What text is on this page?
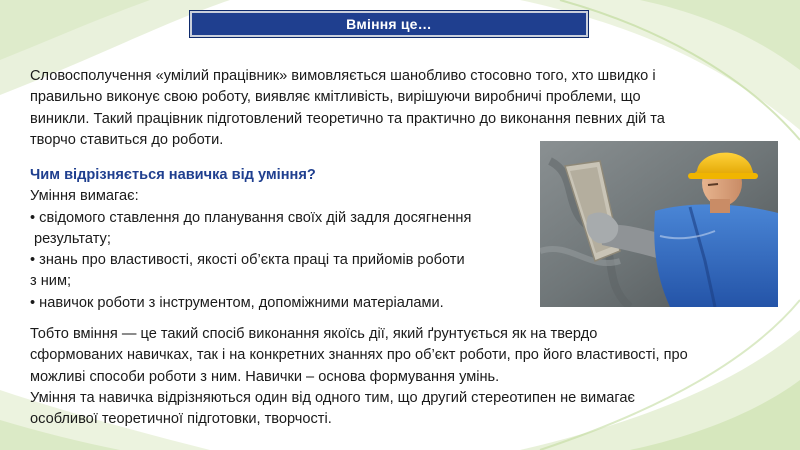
Вміння це…
Словосполучення «умілий працівник» вимовляється шанобливо стосовно того, хто швидко і
правильно виконує свою роботу, виявляє кмітливість, вирішуючи виробничі проблеми, що
виникли. Такий працівник підготовлений теоретично та практично до виконання певних дій та
творчо ставиться до роботи.
Чим відрізняється навичка від уміння?
Уміння вимагає:
• свідомого ставлення до планування своїх дій задля досягнення
результату;
• знань про властивості, якості об’єкта праці та прийомів роботи
з ним;
• навичок роботи з інструментом, допоміжними матеріалами.
Тобто вміння — це такий спосіб виконання якоїсь дії, який ґрунтується як на твердо
сформованих навичках, так і на конкретних знаннях про об’єкт роботи, про його властивості, про
можливі способи роботи з ним. Навички – основа формування умінь.
Уміння та навичка відрізняються один від одного тим, що другий стереотипен не вимагає
особливої теоретичної підготовки, творчості.
